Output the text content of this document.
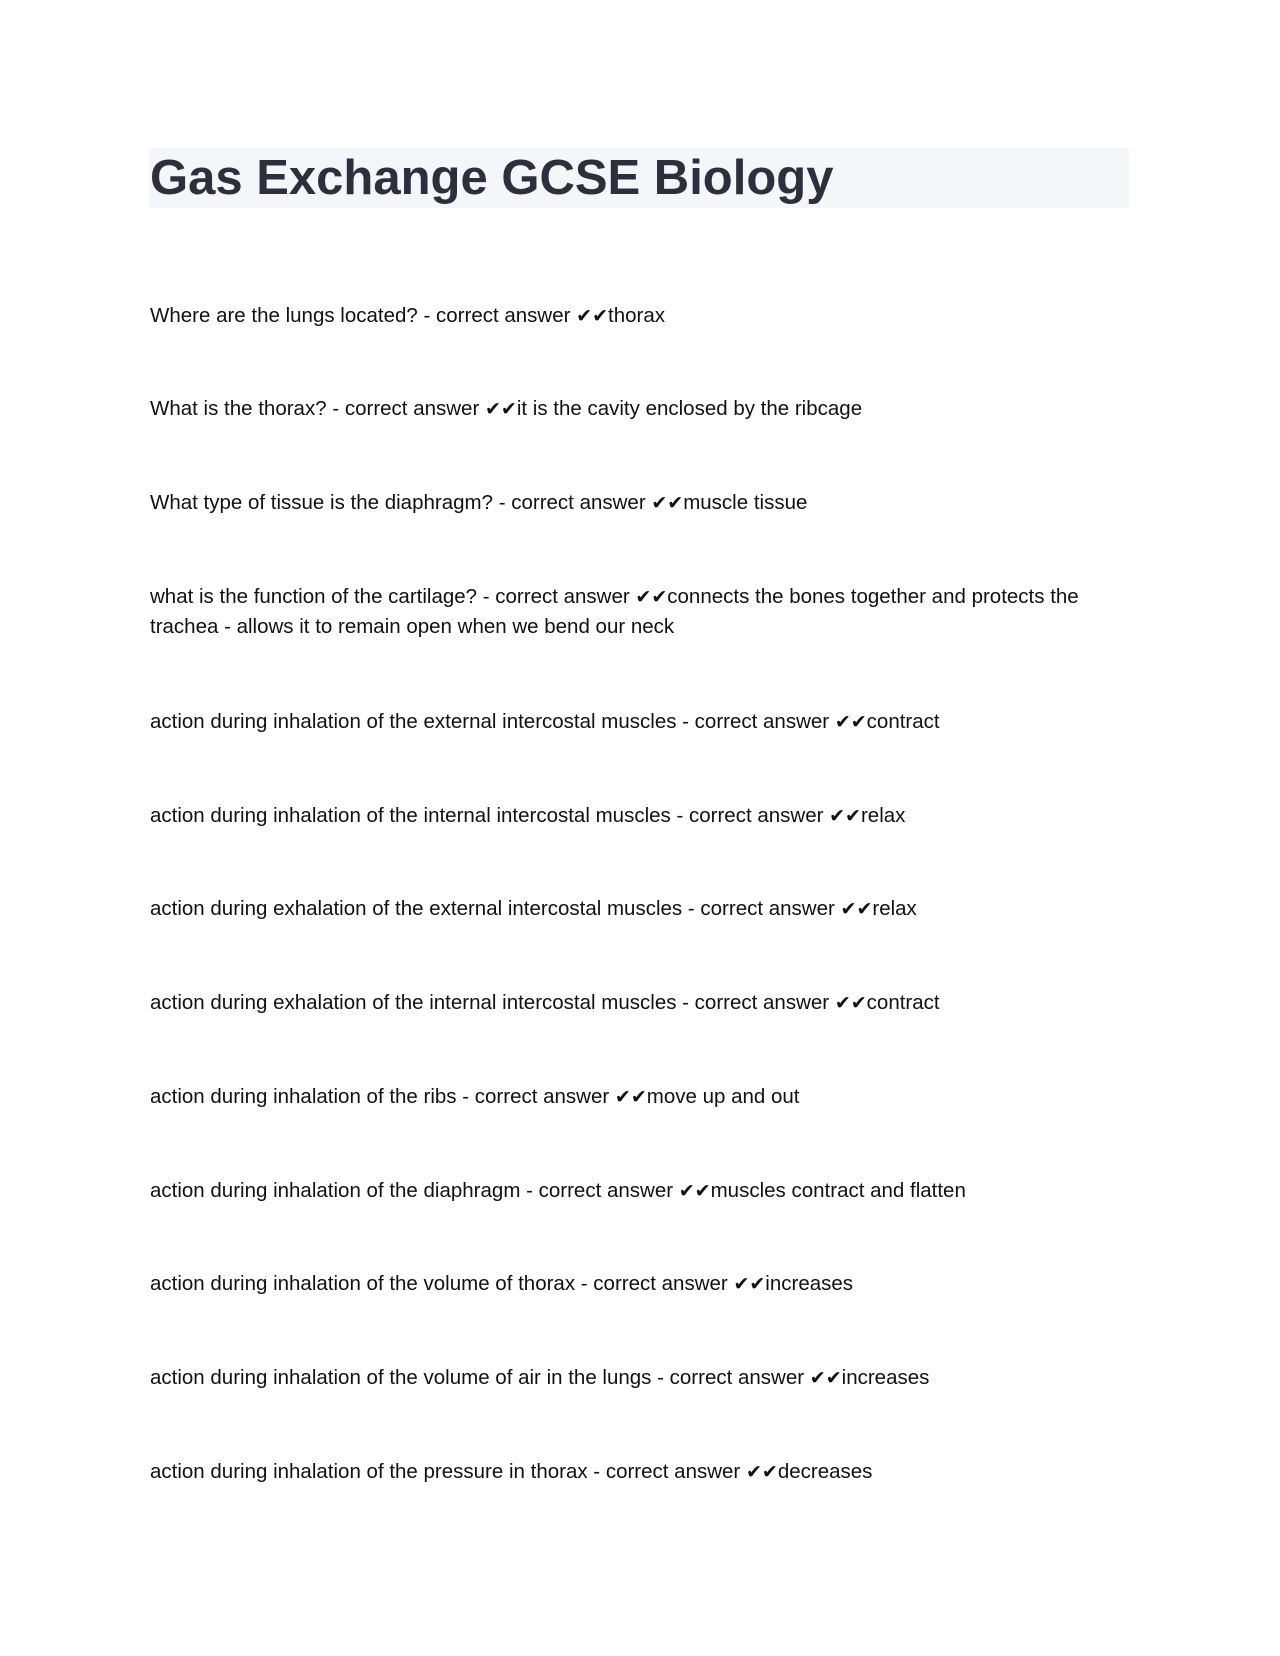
Gas Exchange GCSE Biology

Where are the lungs located? - correct answer ✔✔thorax

What is the thorax? - correct answer ✔✔it is the cavity enclosed by the ribcage

What type of tissue is the diaphragm? - correct answer ✔✔muscle tissue

what is the function of the cartilage? - correct answer ✔✔connects the bones together and protects the trachea - allows it to remain open when we bend our neck

action during inhalation of the external intercostal muscles - correct answer ✔✔contract

action during inhalation of the internal intercostal muscles - correct answer ✔✔relax

action during exhalation of the external intercostal muscles - correct answer ✔✔relax

action during exhalation of the internal intercostal muscles - correct answer ✔✔contract

action during inhalation of the ribs - correct answer ✔✔move up and out

action during inhalation of the diaphragm - correct answer ✔✔muscles contract and flatten

action during inhalation of the volume of thorax - correct answer ✔✔increases

action during inhalation of the volume of air in the lungs - correct answer ✔✔increases

action during inhalation of the pressure in thorax - correct answer ✔✔decreases
